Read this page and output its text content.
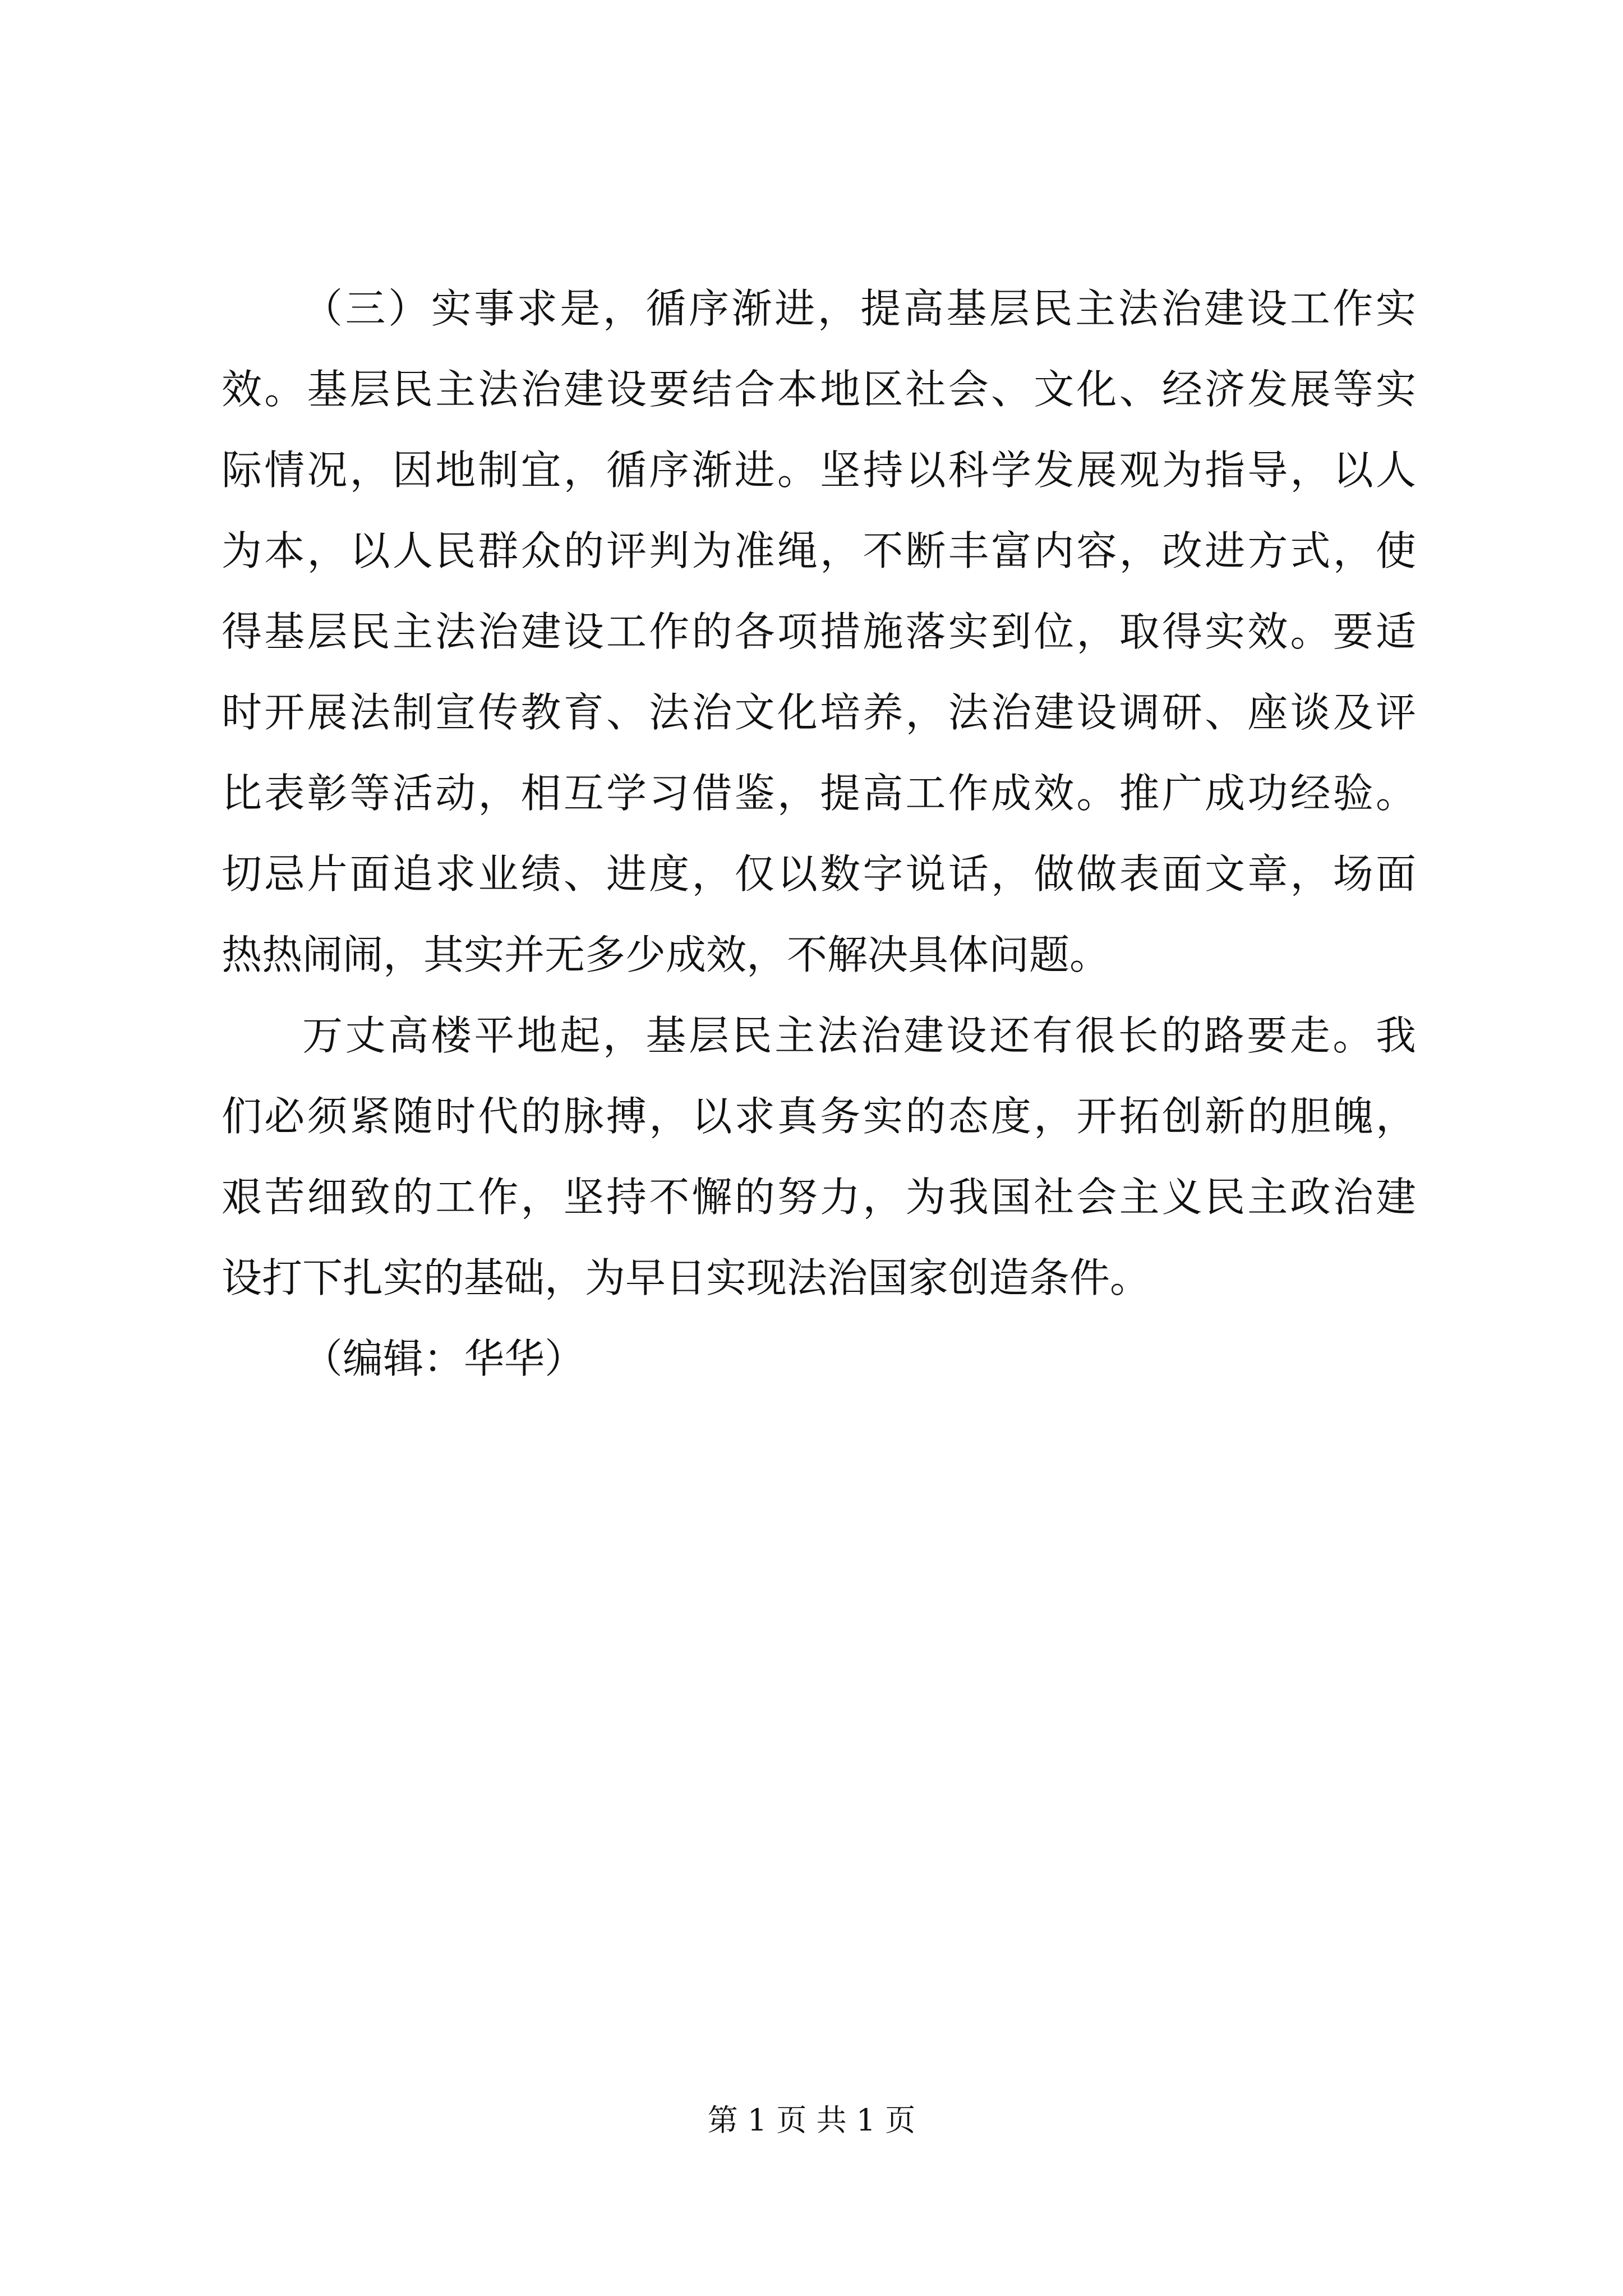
（三）实事求是，循序渐进，提高基层民主法治建设工作实
效。基层民主法治建设要结合本地区社会、文化、经济发展等实
际情况，因地制宜，循序渐进。坚持以科学发展观为指导，以人
为本，以人民群众的评判为准绳，不断丰富内容，改进方式，使
得基层民主法治建设工作的各项措施落实到位，取得实效。要适
时开展法制宣传教育、法治文化培养，法治建设调研、座谈及评
比表彰等活动，相互学习借鉴，提高工作成效。推广成功经验。
切忌片面追求业绩、进度，仅以数字说话，做做表面文章，场面
热热闹闹，其实并无多少成效，不解决具体问题。
万丈高楼平地起，基层民主法治建设还有很长的路要走。我
们必须紧随时代的脉搏，以求真务实的态度，开拓创新的胆魄，
艰苦细致的工作，坚持不懈的努力，为我国社会主义民主政治建
设打下扎实的基础，为早日实现法治国家创造条件。
（编辑：华华）
第 1 页 共 1 页
